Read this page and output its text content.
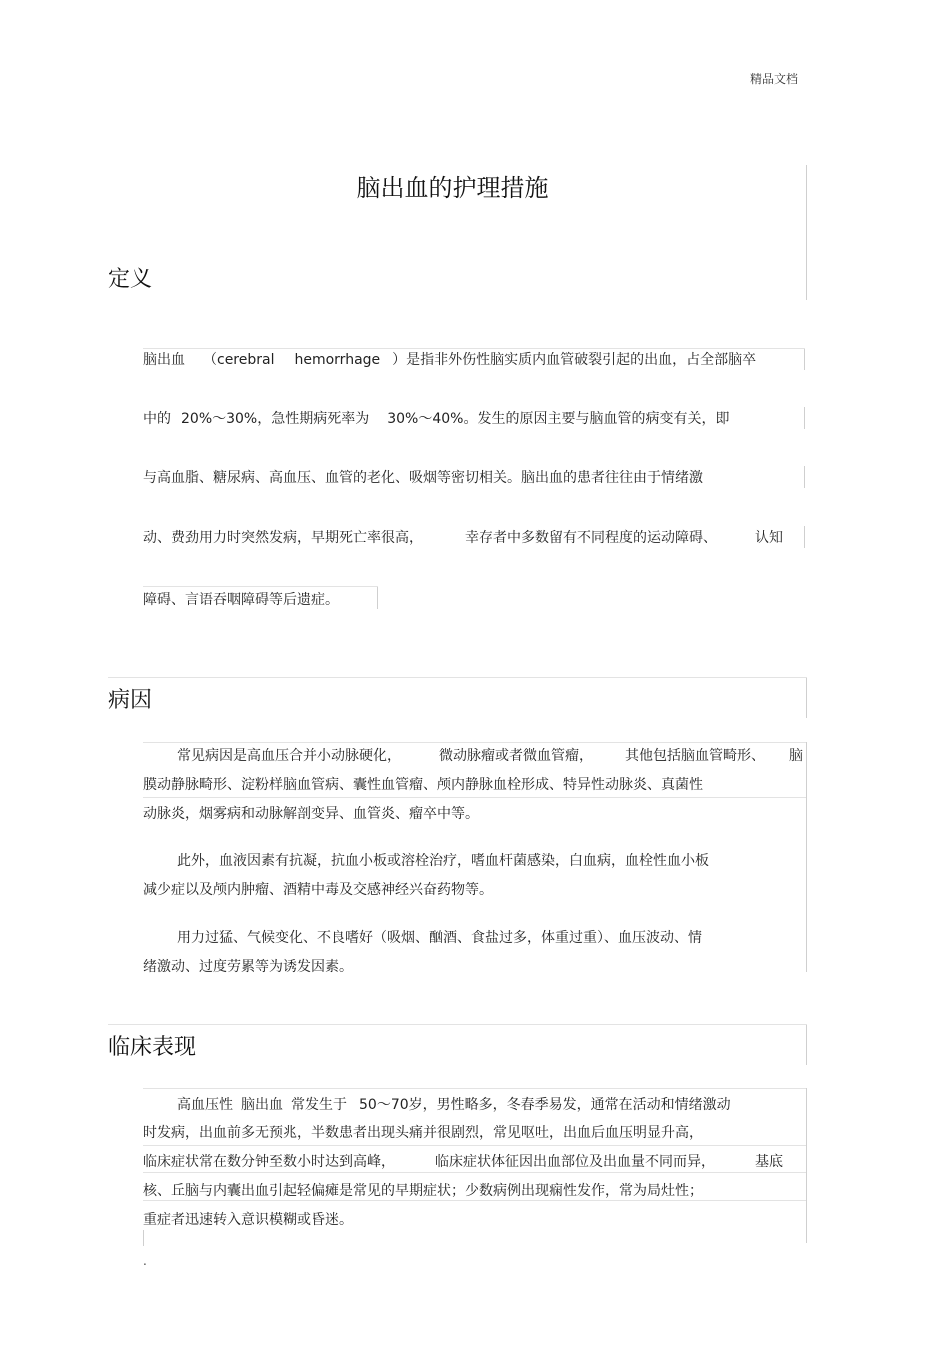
精品文档
脑出血的护理措施
定义
脑出血 （cerebral hemorrhage ）是指非外伤性脑实质内血管破裂引起的出血，占全部脑卒
中的 20%～30%，急性期病死率为 30%～40%。发生的原因主要与脑血管的病变有关，即
与高血脂、糖尿病、高血压、血管的老化、吸烟等密切相关。脑出血的患者往往由于情绪激
动、费劲用力时突然发病，早期死亡率很高，	幸存者中多数留有不同程度的运动障碍、	认知
障碍、言语吞咽障碍等后遗症。
病因
常见病因是高血压合并小动脉硬化，	微动脉瘤或者微血管瘤， 其他包括脑血管畸形、 脑
膜动静脉畸形、淀粉样脑血管病、囊性血管瘤、颅内静脉血栓形成、特异性动脉炎、真菌性
动脉炎，烟雾病和动脉解剖变异、血管炎、瘤卒中等。
此外，血液因素有抗凝，抗血小板或溶栓治疗，嗜血杆菌感染，白血病，血栓性血小板
减少症以及颅内肿瘤、酒精中毒及交感神经兴奋药物等。
用力过猛、气候变化、不良嗜好（吸烟、酗酒、食盐过多，体重过重）、血压波动、情
绪激动、过度劳累等为诱发因素。
临床表现
高血压性 脑出血 常发生于 50～70岁，男性略多，冬春季易发，通常在活动和情绪激动
时发病，出血前多无预兆，半数患者出现头痛并很剧烈，常见呕吐，出血后血压明显升高，
临床症状常在数分钟至数小时达到高峰，	临床症状体征因出血部位及出血量不同而异，	基底
核、丘脑与内囊出血引起轻偏瘫是常见的早期症状；少数病例出现痫性发作，常为局灶性；
重症者迅速转入意识模糊或昏迷。
.
